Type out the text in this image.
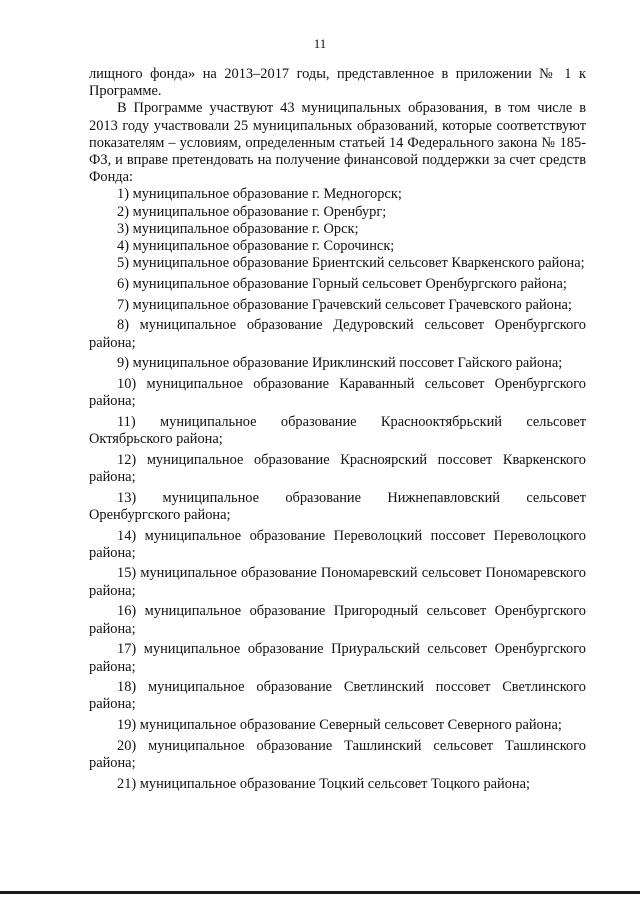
11

лищного фонда» на 2013–2017 годы, представленное в приложении № 1 к Программе.

В Программе участвуют 43 муниципальных образования, в том числе в 2013 году участвовали 25 муниципальных образований, которые соответствуют показателям – условиям, определенным статьей 14 Федерального закона № 185-ФЗ, и вправе претендовать на получение финансовой поддержки за счет средств Фонда:

1) муниципальное образование г. Медногорск;

2) муниципальное образование г. Оренбург;

3) муниципальное образование г. Орск;

4) муниципальное образование г. Сорочинск;

5) муниципальное образование Бриентский сельсовет Кваркенского района;

6) муниципальное образование Горный сельсовет Оренбургского района;

7) муниципальное образование Грачевский сельсовет Грачевского района;

8) муниципальное образование Дедуровский сельсовет Оренбургского района;

9) муниципальное образование Ириклинский поссовет Гайского района;

10) муниципальное образование Караванный сельсовет Оренбургского района;

11) муниципальное образование Краснооктябрьский сельсовет Октябрьского района;

12) муниципальное образование Красноярский поссовет Кваркенского района;

13) муниципальное образование Нижнепавловский сельсовет Оренбургского района;

14) муниципальное образование Переволоцкий поссовет Переволоцкого района;

15) муниципальное образование Пономаревский сельсовет Пономаревского района;

16) муниципальное образование Пригородный сельсовет Оренбургского района;

17) муниципальное образование Приуральский сельсовет Оренбургского района;

18) муниципальное образование Светлинский поссовет Светлинского района;

19) муниципальное образование Северный сельсовет Северного района;

20) муниципальное образование Ташлинский сельсовет Ташлинского района;

21) муниципальное образование Тоцкий сельсовет Тоцкого района;
